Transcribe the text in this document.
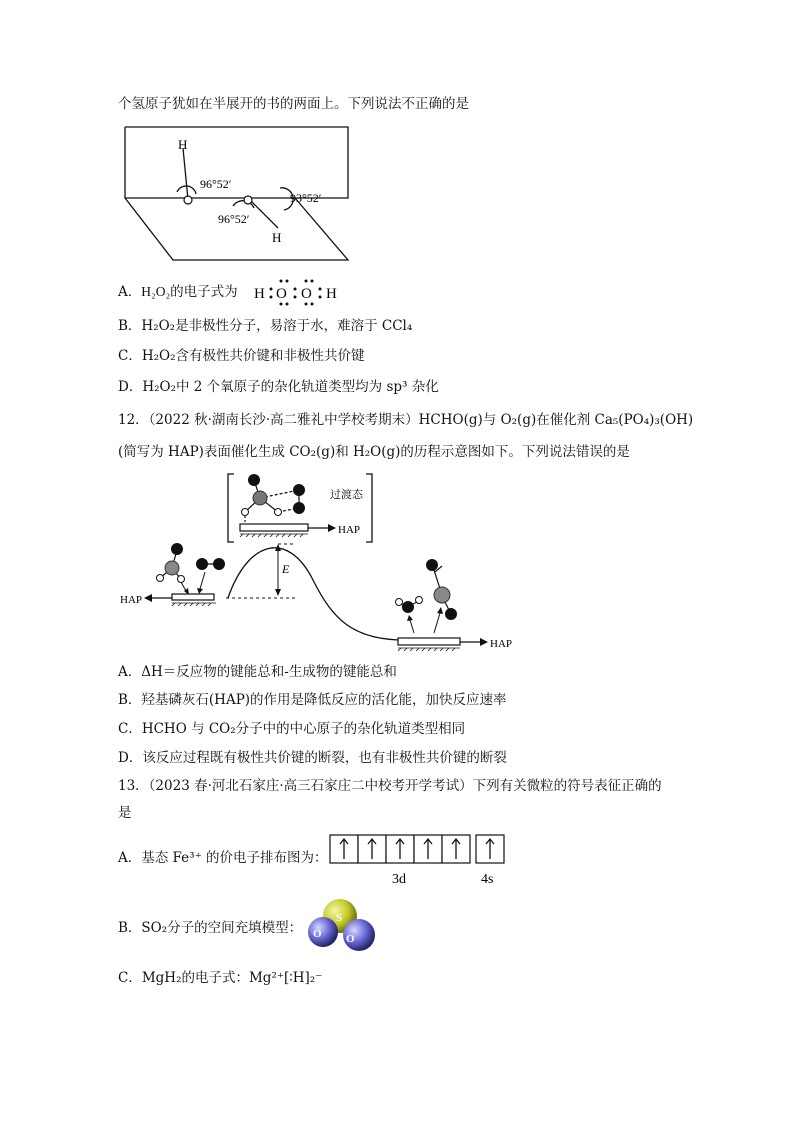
个氢原子犹如在半展开的书的两面上。下列说法不正确的是
H
H
96°52′
96°52′
93°52′
A．H₂O₂的电子式为 H O O H
B．H₂O₂是非极性分子，易溶于水，难溶于 CCl₄
C．H₂O₂含有极性共价键和非极性共价键
D．H₂O₂中 2 个氧原子的杂化轨道类型均为 sp³ 杂化
12．（2022 秋·湖南长沙·高二雅礼中学校考期末）HCHO(g)与 O₂(g)在催化剂 Ca₅(PO₄)₃(OH)
(简写为 HAP)表面催化生成 CO₂(g)和 H₂O(g)的历程示意图如下。下列说法错误的是
过渡态
HAP
E
HAP
HAP
A．ΔH＝反应物的键能总和-生成物的键能总和
B．羟基磷灰石(HAP)的作用是降低反应的活化能，加快反应速率
C．HCHO 与 CO₂分子中的中心原子的杂化轨道类型相同
D．该反应过程既有极性共价键的断裂，也有非极性共价键的断裂
13．（2023 春·河北石家庄·高三石家庄二中校考开学考试）下列有关微粒的符号表征正确的
是
A．基态 Fe³⁺ 的价电子排布图为：
3d	4s
B．SO₂分子的空间充填模型：
S
O O
C．MgH₂的电子式：Mg²⁺[∶H]₂⁻
